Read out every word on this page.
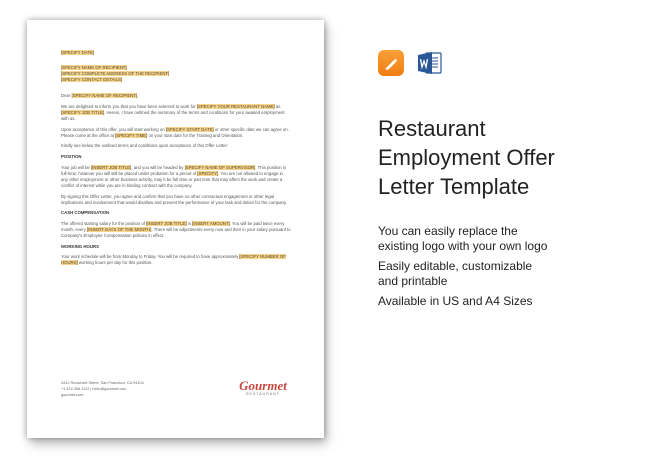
[SPECIFY DATE]

[SPECIFY NAME OF RECIPIENT]
[SPECIFY COMPLETE ADDRESS OF THE RECIPIENT]
[SPECIFY CONTACT DETAILS]

Dear [SPECIFY NAME OF RECIPIENT],

We are delighted to inform you that you have been selected to work for [SPECIFY YOUR RESTAURANT NAME] as [SPECIFY JOB TITLE]. Herein, I have outlined the summary of the terms and conditions for your awaited employment with us.

Upon acceptance of this offer, you will start working on [SPECIFY START DATE] or other specific date we can agree on. Please come at the office at [SPECIFY TIME] on your start date for the Training and Orientation.

Kindly see below the outlined terms and conditions upon acceptance of this Offer Letter:

POSITION

Your job will be [INSERT JOB TITLE], and you will be headed by [SPECIFY NAME OF SUPERVISOR]. This position is full-time; however you will still be placed under probation for a period of [SPECIFY]. You are not allowed to engage in any other employment or other business activity, may it be full time or part time that may affect the work and create a conflict of interest while you are in binding contract with the company.

By signing this Offer Letter, you agree and confirm that you have no other contractual engagement or other legal implications and involvement that would disallow and prevent the performance of your task and duties for the company.

CASH COMPENSATION

The offered starting salary for the position of [INSERT JOB TITLE] is [INSERT AMOUNT]. You will be paid twice every month, every [INSERT DAYS OF THE MONTH]. There will be adjustments every now and then in your salary pursuant to Company's Employee Compensation policies in effect.

WORKING HOURS

Your work schedule will be from Monday to Friday. You will be required to have approximately [SPECIFY NUMBER OF HOURS] working hours per day for this position.

4412 Roosevelt Street, San Francisco, CA 94104
+1 415 356 1122 | hello@gourmet.com
gourmet.com
Gourmet
RESTAURANT
Restaurant
Employment Offer
Letter Template
You can easily replace the
existing logo with your own logo
Easily editable, customizable
and printable
Available in US and A4 Sizes
